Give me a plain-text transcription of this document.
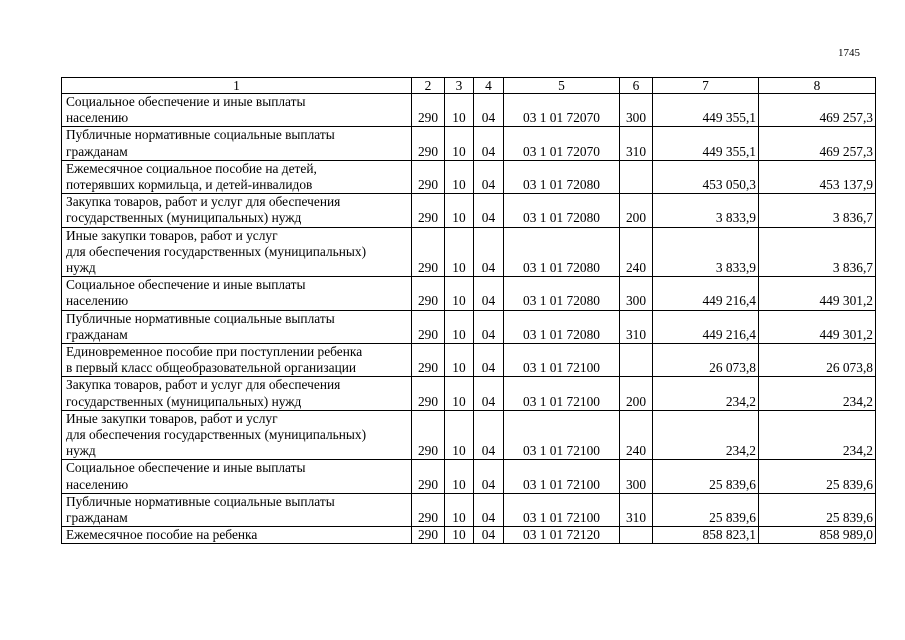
1745
1	2	3	4	5	6	7	8

Социальное обеспечение и иные выплаты
населению	290	10	04	03 1 01 72070	300	449 355,1	469 257,3

Публичные нормативные социальные выплаты
гражданам	290	10	04	03 1 01 72070	310	449 355,1	469 257,3

Ежемесячное социальное пособие на детей,
потерявших кормильца, и детей-инвалидов	290	10	04	03 1 01 72080		453 050,3	453 137,9

Закупка товаров, работ и услуг для обеспечения
государственных (муниципальных) нужд	290	10	04	03 1 01 72080	200	3 833,9	3 836,7

Иные закупки товаров, работ и услуг
для обеспечения государственных (муниципальных)
нужд	290	10	04	03 1 01 72080	240	3 833,9	3 836,7

Социальное обеспечение и иные выплаты
населению	290	10	04	03 1 01 72080	300	449 216,4	449 301,2

Публичные нормативные социальные выплаты
гражданам	290	10	04	03 1 01 72080	310	449 216,4	449 301,2

Единовременное пособие при поступлении ребенка
в первый класс общеобразовательной организации	290	10	04	03 1 01 72100		26 073,8	26 073,8

Закупка товаров, работ и услуг для обеспечения
государственных (муниципальных) нужд	290	10	04	03 1 01 72100	200	234,2	234,2

Иные закупки товаров, работ и услуг
для обеспечения государственных (муниципальных)
нужд	290	10	04	03 1 01 72100	240	234,2	234,2

Социальное обеспечение и иные выплаты
населению	290	10	04	03 1 01 72100	300	25 839,6	25 839,6

Публичные нормативные социальные выплаты
гражданам	290	10	04	03 1 01 72100	310	25 839,6	25 839,6

Ежемесячное пособие на ребенка	290	10	04	03 1 01 72120		858 823,1	858 989,0
